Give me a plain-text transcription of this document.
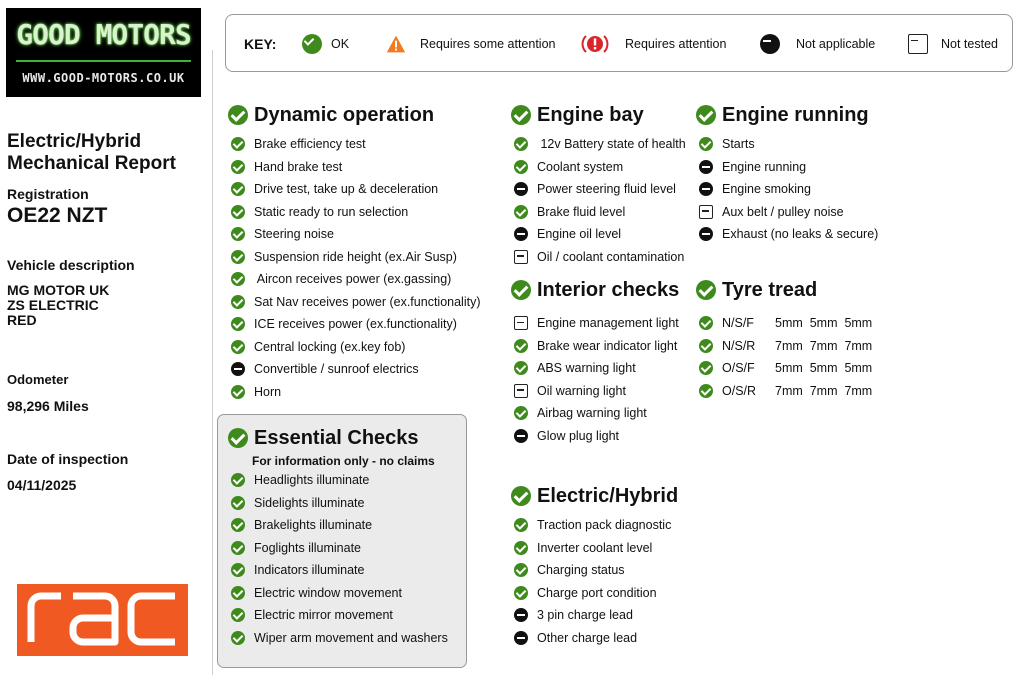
GOOD MOTORS
WWW.GOOD-MOTORS.CO.UK
Electric/Hybrid
Mechanical Report
Registration
OE22 NZT
Vehicle description
MG MOTOR UK
ZS ELECTRIC
RED
Odometer
98,296 Miles
Date of inspection
04/11/2025
KEY:	OK	Requires some attention	Requires attention	Not applicable	Not tested
Dynamic operation
Brake efficiency test
Hand brake test
Drive test, take up & deceleration
Static ready to run selection
Steering noise
Suspension ride height (ex.Air Susp)
Aircon receives power (ex.gassing)
Sat Nav receives power (ex.functionality)
ICE receives power (ex.functionality)
Central locking (ex.key fob)
Convertible / sunroof electrics
Horn
Essential Checks
For information only - no claims
Headlights illuminate
Sidelights illuminate
Brakelights illuminate
Foglights illuminate
Indicators illuminate
Electric window movement
Electric mirror movement
Wiper arm movement and washers
Engine bay
12v Battery state of health
Coolant system
Power steering fluid level
Brake fluid level
Engine oil level
Oil / coolant contamination
Engine running
Starts
Engine running
Engine smoking
Aux belt / pulley noise
Exhaust (no leaks & secure)
Interior checks
Engine management light
Brake wear indicator light
ABS warning light
Oil warning light
Airbag warning light
Glow plug light
Tyre tread
N/S/F	5mm  5mm  5mm
N/S/R	7mm  7mm  7mm
O/S/F	5mm  5mm  5mm
O/S/R	7mm  7mm  7mm
Electric/Hybrid
Traction pack diagnostic
Inverter coolant level
Charging status
Charge port condition
3 pin charge lead
Other charge lead
